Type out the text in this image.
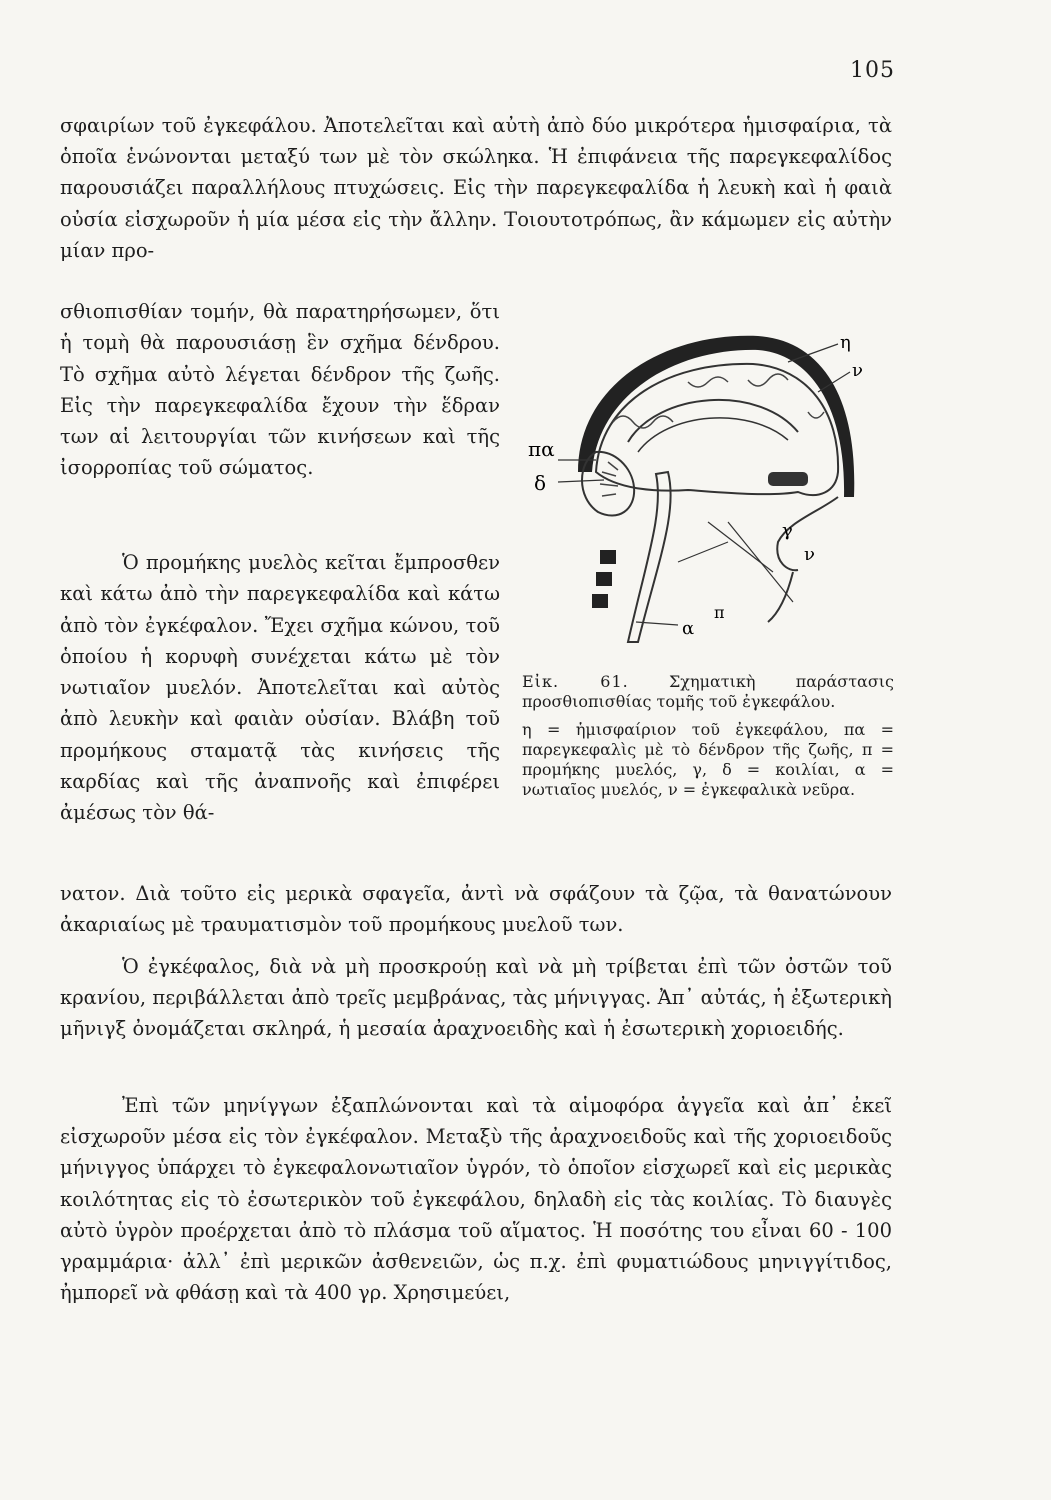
105

σφαιρίων τοῦ ἐγκεφάλου. Ἀποτελεῖται καὶ αὐτὴ ἀπὸ δύο μικρότερα ἡμισφαίρια, τὰ ὁποῖα ἑνώνονται μεταξύ των μὲ τὸν σκώληκα. Ἡ ἐπιφάνεια τῆς παρεγκεφαλίδος παρουσιάζει παραλλήλους πτυχώσεις. Εἰς τὴν παρεγκεφαλίδα ἡ λευκὴ καὶ ἡ φαιὰ οὐσία εἰσχωροῦν ἡ μία μέσα εἰς τὴν ἄλλην. Τοιουτοτρόπως, ἂν κάμωμεν εἰς αὐτὴν μίαν προ-

σθιοπισθίαν τομήν, θὰ παρατηρήσωμεν, ὅτι ἡ τομὴ θὰ παρουσιάσῃ ἓν σχῆμα δένδρου. Τὸ σχῆμα αὐτὸ λέγεται δένδρον τῆς ζωῆς. Εἰς τὴν παρεγκεφαλίδα ἔχουν τὴν ἕδραν των αἱ λειτουργίαι τῶν κινήσεων καὶ τῆς ἰσορροπίας τοῦ σώματος.

Ὁ προμήκης μυελὸς κεῖται ἔμπροσθεν καὶ κάτω ἀπὸ τὴν παρεγκεφαλίδα καὶ κάτω ἀπὸ τὸν ἐγκέφαλον. Ἔχει σχῆμα κώνου, τοῦ ὁποίου ἡ κορυφὴ συνέχεται κάτω μὲ τὸν νωτιαῖον μυελόν. Ἀποτελεῖται καὶ αὐτὸς ἀπὸ λευκὴν καὶ φαιὰν οὐσίαν. Βλάβη τοῦ προμήκους σταματᾷ τὰς κινήσεις τῆς καρδίας καὶ τῆς ἀναπνοῆς καὶ ἐπιφέρει ἀμέσως τὸν θά-

νατον. Διὰ τοῦτο εἰς μερικὰ σφαγεῖα, ἀντὶ νὰ σφάζουν τὰ ζῷα, τὰ θανατώνουν ἀκαριαίως μὲ τραυματισμὸν τοῦ προμήκους μυελοῦ των.

Ὁ ἐγκέφαλος, διὰ νὰ μὴ προσκρούῃ καὶ νὰ μὴ τρίβεται ἐπὶ τῶν ὀστῶν τοῦ κρανίου, περιβάλλεται ἀπὸ τρεῖς μεμβράνας, τὰς μήνιγγας. Ἀπ᾽ αὐτάς, ἡ ἐξωτερικὴ μῆνιγξ ὀνομάζεται σκληρά, ἡ μεσαία ἀραχνοειδὴς καὶ ἡ ἐσωτερικὴ χοριοειδής.

Ἐπὶ τῶν μηνίγγων ἐξαπλώνονται καὶ τὰ αἱμοφόρα ἀγγεῖα καὶ ἀπ᾽ ἐκεῖ εἰσχωροῦν μέσα εἰς τὸν ἐγκέφαλον. Μεταξὺ τῆς ἀραχνοειδοῦς καὶ τῆς χοριοειδοῦς μήνιγγος ὑπάρχει τὸ ἐγκεφαλονωτιαῖον ὑγρόν, τὸ ὁποῖον εἰσχωρεῖ καὶ εἰς μερικὰς κοιλότητας εἰς τὸ ἐσωτερικὸν τοῦ ἐγκεφάλου, δηλαδὴ εἰς τὰς κοιλίας. Τὸ διαυγὲς αὐτὸ ὑγρὸν προέρχεται ἀπὸ τὸ πλάσμα τοῦ αἵματος. Ἡ ποσότης του εἶναι 60 - 100 γραμμάρια· ἀλλ᾽ ἐπὶ μερικῶν ἀσθενειῶν, ὡς π.χ. ἐπὶ φυματιώδους μηνιγγίτιδος, ἠμπορεῖ νὰ φθάσῃ καὶ τὰ 400 γρ. Χρησιμεύει,

η
ν
πα
δ
γ
ν
π
α
Εἰκ. 61.	Σχηματικὴ παράστασις προσθιοπισθίας τομῆς τοῦ ἐγκεφάλου.

η = ἡμισφαίριον τοῦ ἐγκεφάλου, πα = παρεγκεφαλὶς μὲ τὸ δένδρον τῆς ζωῆς, π = προμήκης μυελός, γ, δ = κοιλίαι, α = νωτιαῖος μυελός, ν = ἐγκεφαλικὰ νεῦρα.
